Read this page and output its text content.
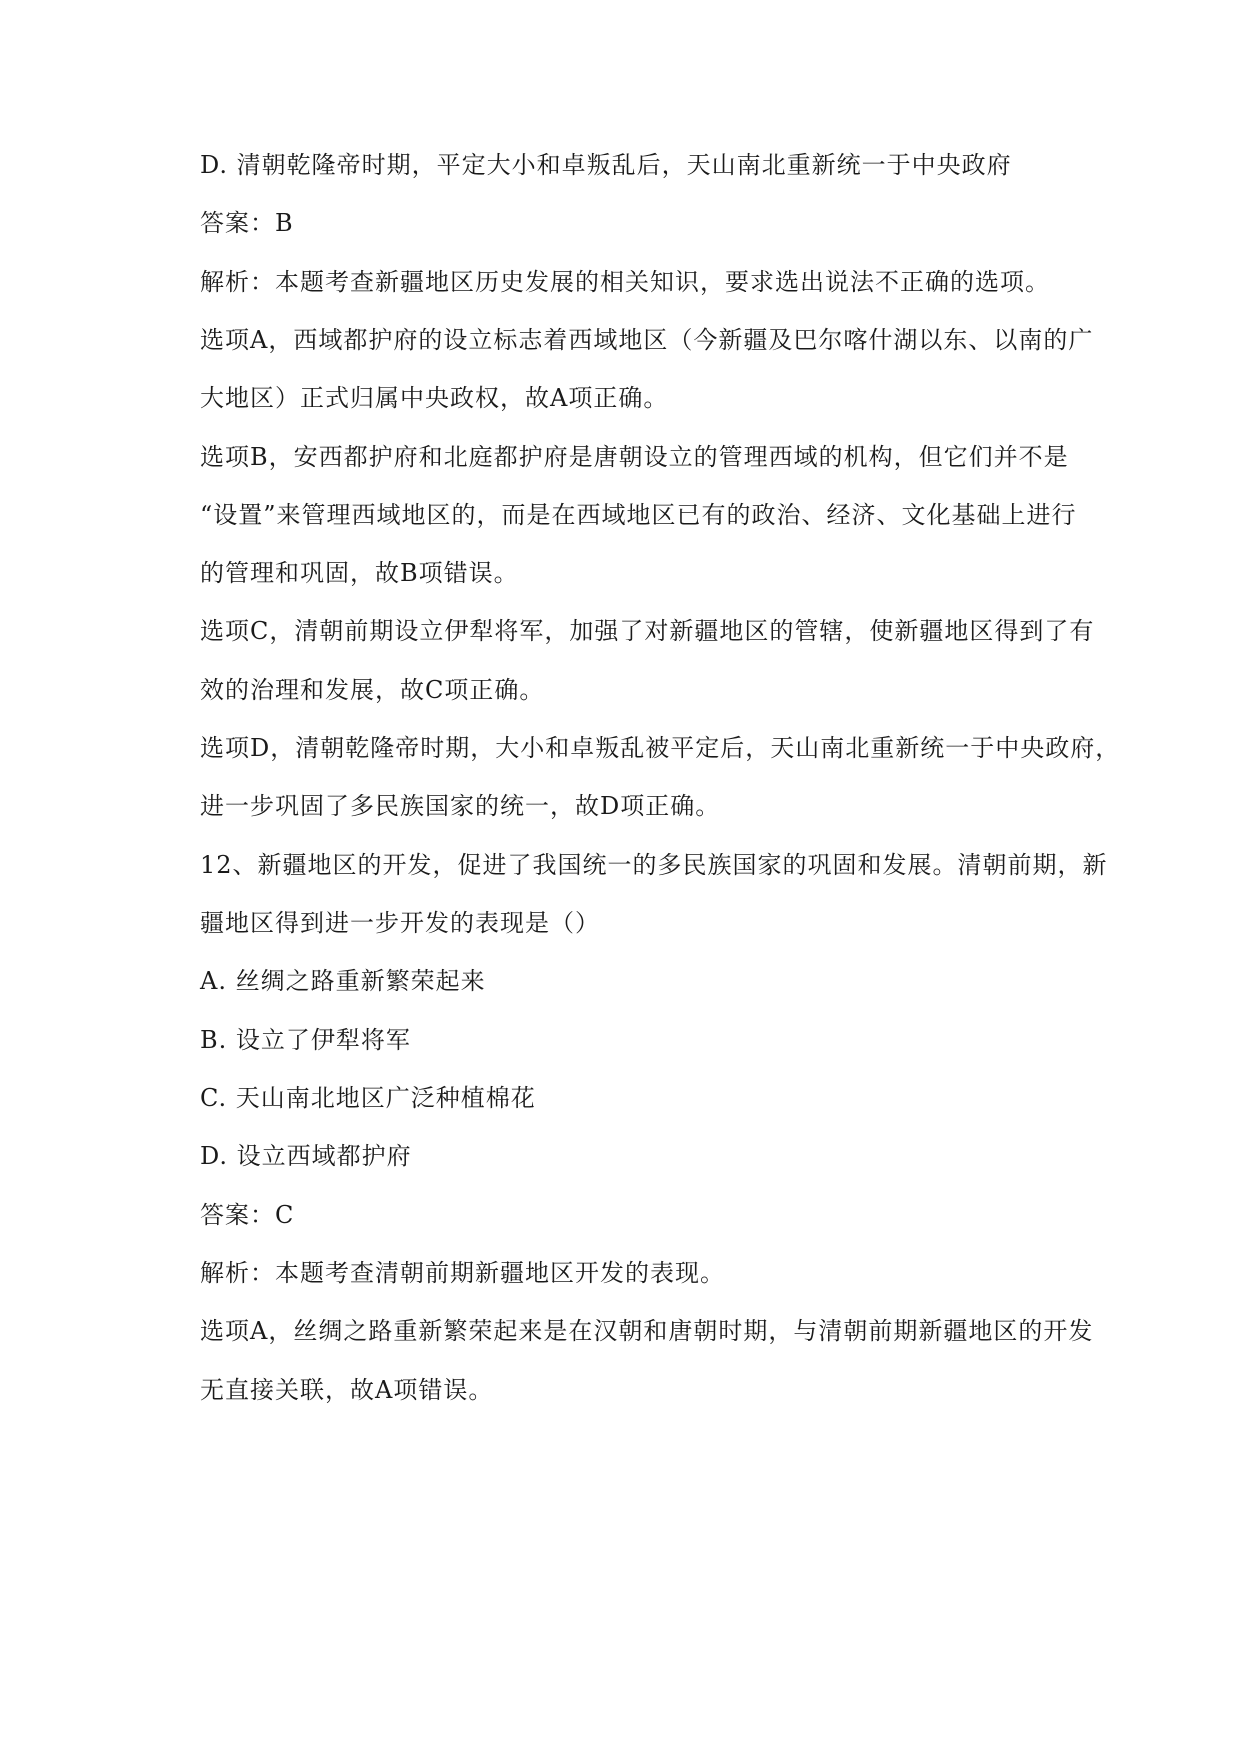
D. 清朝乾隆帝时期，平定大小和卓叛乱后，天山南北重新统一于中央政府

答案：B

解析：本题考查新疆地区历史发展的相关知识，要求选出说法不正确的选项。

选项A，西域都护府的设立标志着西域地区（今新疆及巴尔喀什湖以东、以南的广

大地区）正式归属中央政权，故A项正确。

选项B，安西都护府和北庭都护府是唐朝设立的管理西域的机构，但它们并不是

“设置”来管理西域地区的，而是在西域地区已有的政治、经济、文化基础上进行

的管理和巩固，故B项错误。

选项C，清朝前期设立伊犁将军，加强了对新疆地区的管辖，使新疆地区得到了有

效的治理和发展，故C项正确。

选项D，清朝乾隆帝时期，大小和卓叛乱被平定后，天山南北重新统一于中央政府，

进一步巩固了多民族国家的统一，故D项正确。

12、新疆地区的开发，促进了我国统一的多民族国家的巩固和发展。清朝前期，新

疆地区得到进一步开发的表现是（）

A. 丝绸之路重新繁荣起来

B. 设立了伊犁将军

C. 天山南北地区广泛种植棉花

D. 设立西域都护府

答案：C

解析：本题考查清朝前期新疆地区开发的表现。

选项A，丝绸之路重新繁荣起来是在汉朝和唐朝时期，与清朝前期新疆地区的开发

无直接关联，故A项错误。
